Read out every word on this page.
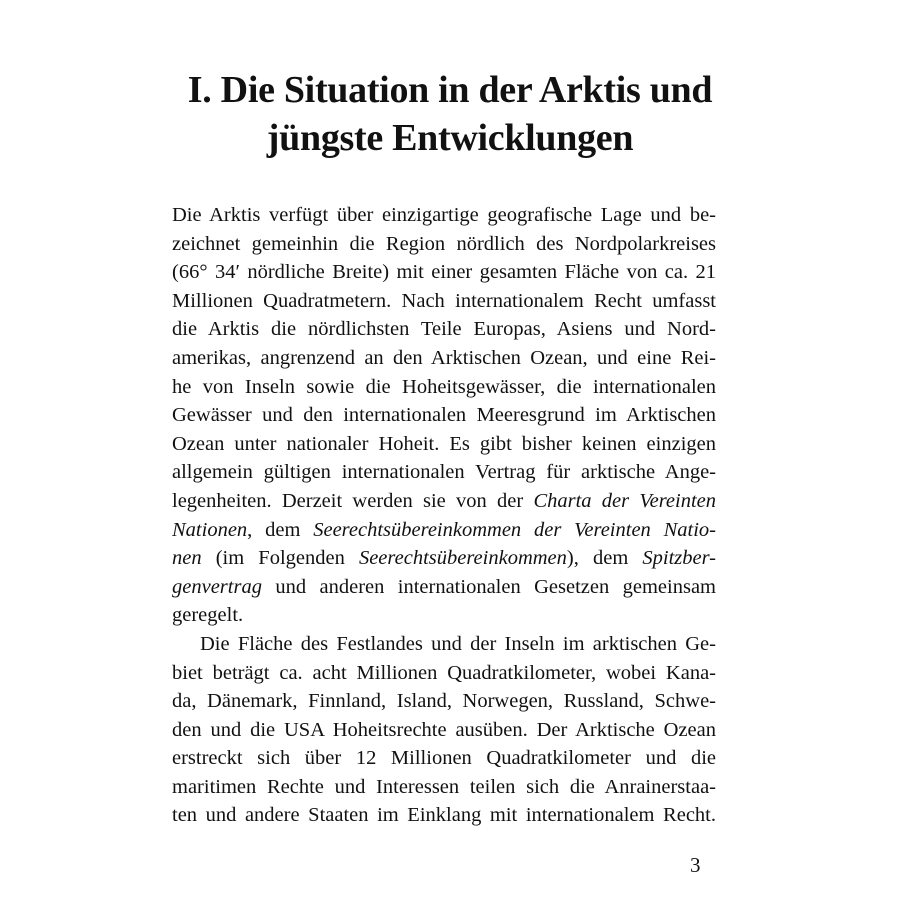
I. Die Situation in der Arktis und
jüngste Entwicklungen
Die Arktis verfügt über einzigartige geografische Lage und be-
zeichnet gemeinhin die Region nördlich des Nordpolarkreises
(66° 34′ nördliche Breite) mit einer gesamten Fläche von ca. 21
Millionen Quadratmetern. Nach internationalem Recht umfasst
die Arktis die nördlichsten Teile Europas, Asiens und Nord-
amerikas, angrenzend an den Arktischen Ozean, und eine Rei-
he von Inseln sowie die Hoheitsgewässer, die internationalen
Gewässer und den internationalen Meeresgrund im Arktischen
Ozean unter nationaler Hoheit. Es gibt bisher keinen einzigen
allgemein gültigen internationalen Vertrag für arktische Ange-
legenheiten. Derzeit werden sie von der Charta der Vereinten
Nationen, dem Seerechtsübereinkommen der Vereinten Natio-
nen (im Folgenden Seerechtsübereinkommen), dem Spitzber-
genvertrag und anderen internationalen Gesetzen gemeinsam
geregelt.
Die Fläche des Festlandes und der Inseln im arktischen Ge-
biet beträgt ca. acht Millionen Quadratkilometer, wobei Kana-
da, Dänemark, Finnland, Island, Norwegen, Russland, Schwe-
den und die USA Hoheitsrechte ausüben. Der Arktische Ozean
erstreckt sich über 12 Millionen Quadratkilometer und die
maritimen Rechte und Interessen teilen sich die Anrainerstaa-
ten und andere Staaten im Einklang mit internationalem Recht.
3
